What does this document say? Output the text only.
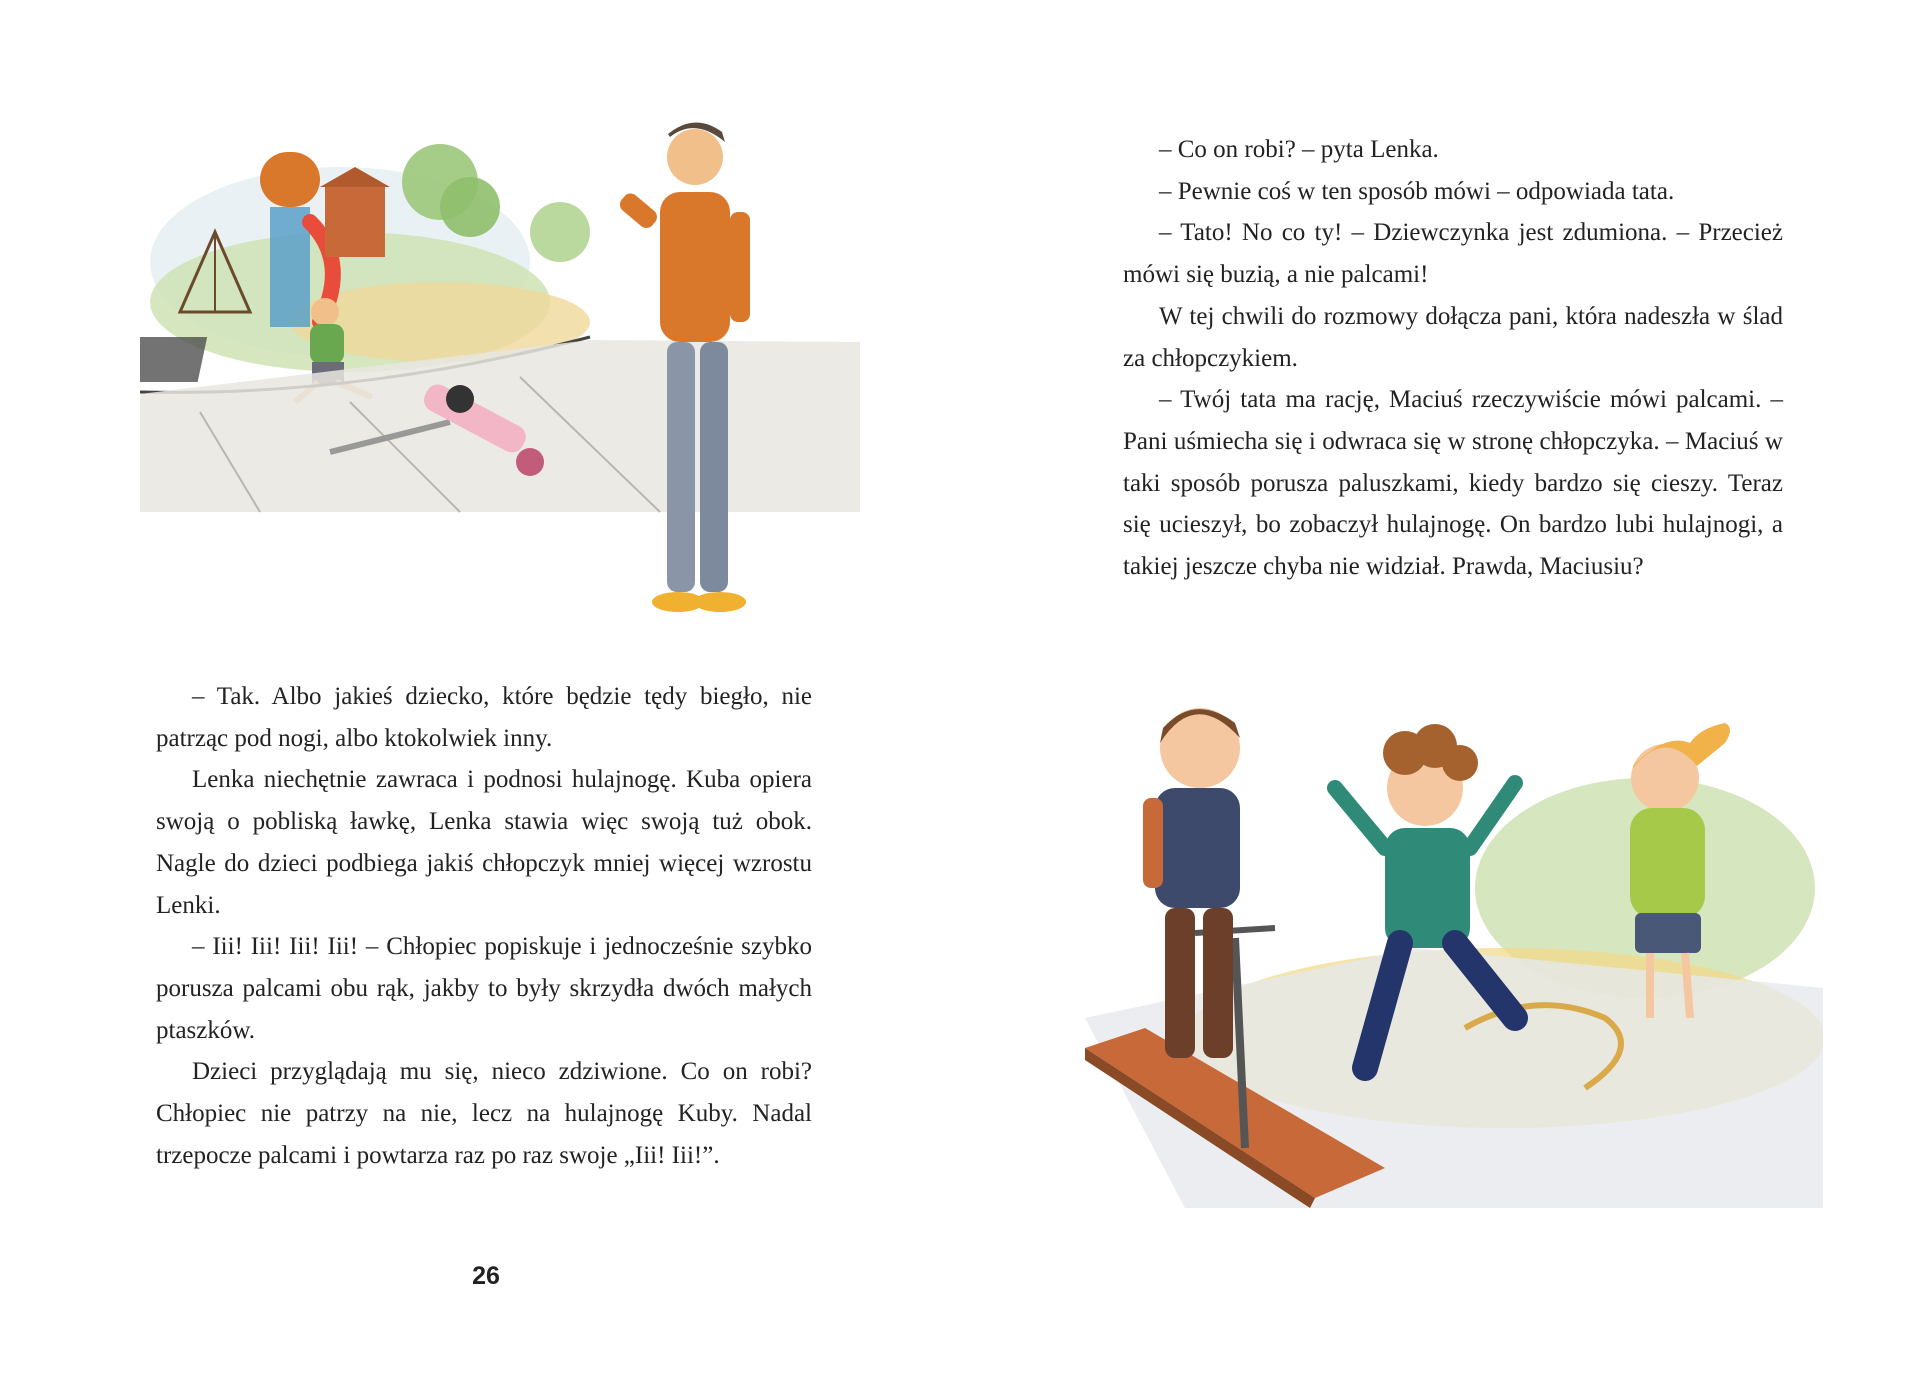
– Tak. Albo jakieś dziecko, które będzie tędy biegło, nie patrząc pod nogi, albo ktokolwiek inny.

Lenka niechętnie zawraca i podnosi hulajnogę. Kuba opiera swoją o pobliską ławkę, Lenka stawia więc swoją tuż obok. Nagle do dzieci podbiega jakiś chłopczyk mniej więcej wzrostu Lenki.

– Iii! Iii! Iii! Iii! – Chłopiec popiskuje i jednocześnie szybko porusza palcami obu rąk, jakby to były skrzydła dwóch małych ptaszków.

Dzieci przyglądają mu się, nieco zdziwione. Co on robi? Chłopiec nie patrzy na nie, lecz na hulajnogę Kuby. Nadal trzepocze palcami i powtarza raz po raz swoje „Iii! Iii!”.

26

– Co on robi? – pyta Lenka.

– Pewnie coś w ten sposób mówi – odpowiada tata.

– Tato! No co ty! – Dziewczynka jest zdumiona. – Przecież mówi się buzią, a nie palcami!

W tej chwili do rozmowy dołącza pani, która nadeszła w ślad za chłopczykiem.

– Twój tata ma rację, Maciuś rzeczywiście mówi palcami. – Pani uśmiecha się i odwraca się w stronę chłopczyka. – Maciuś w taki sposób porusza paluszkami, kiedy bardzo się cieszy. Teraz się ucieszył, bo zobaczył hulajnogę. On bardzo lubi hulajnogi, a takiej jeszcze chyba nie widział. Prawda, Maciusiu?
